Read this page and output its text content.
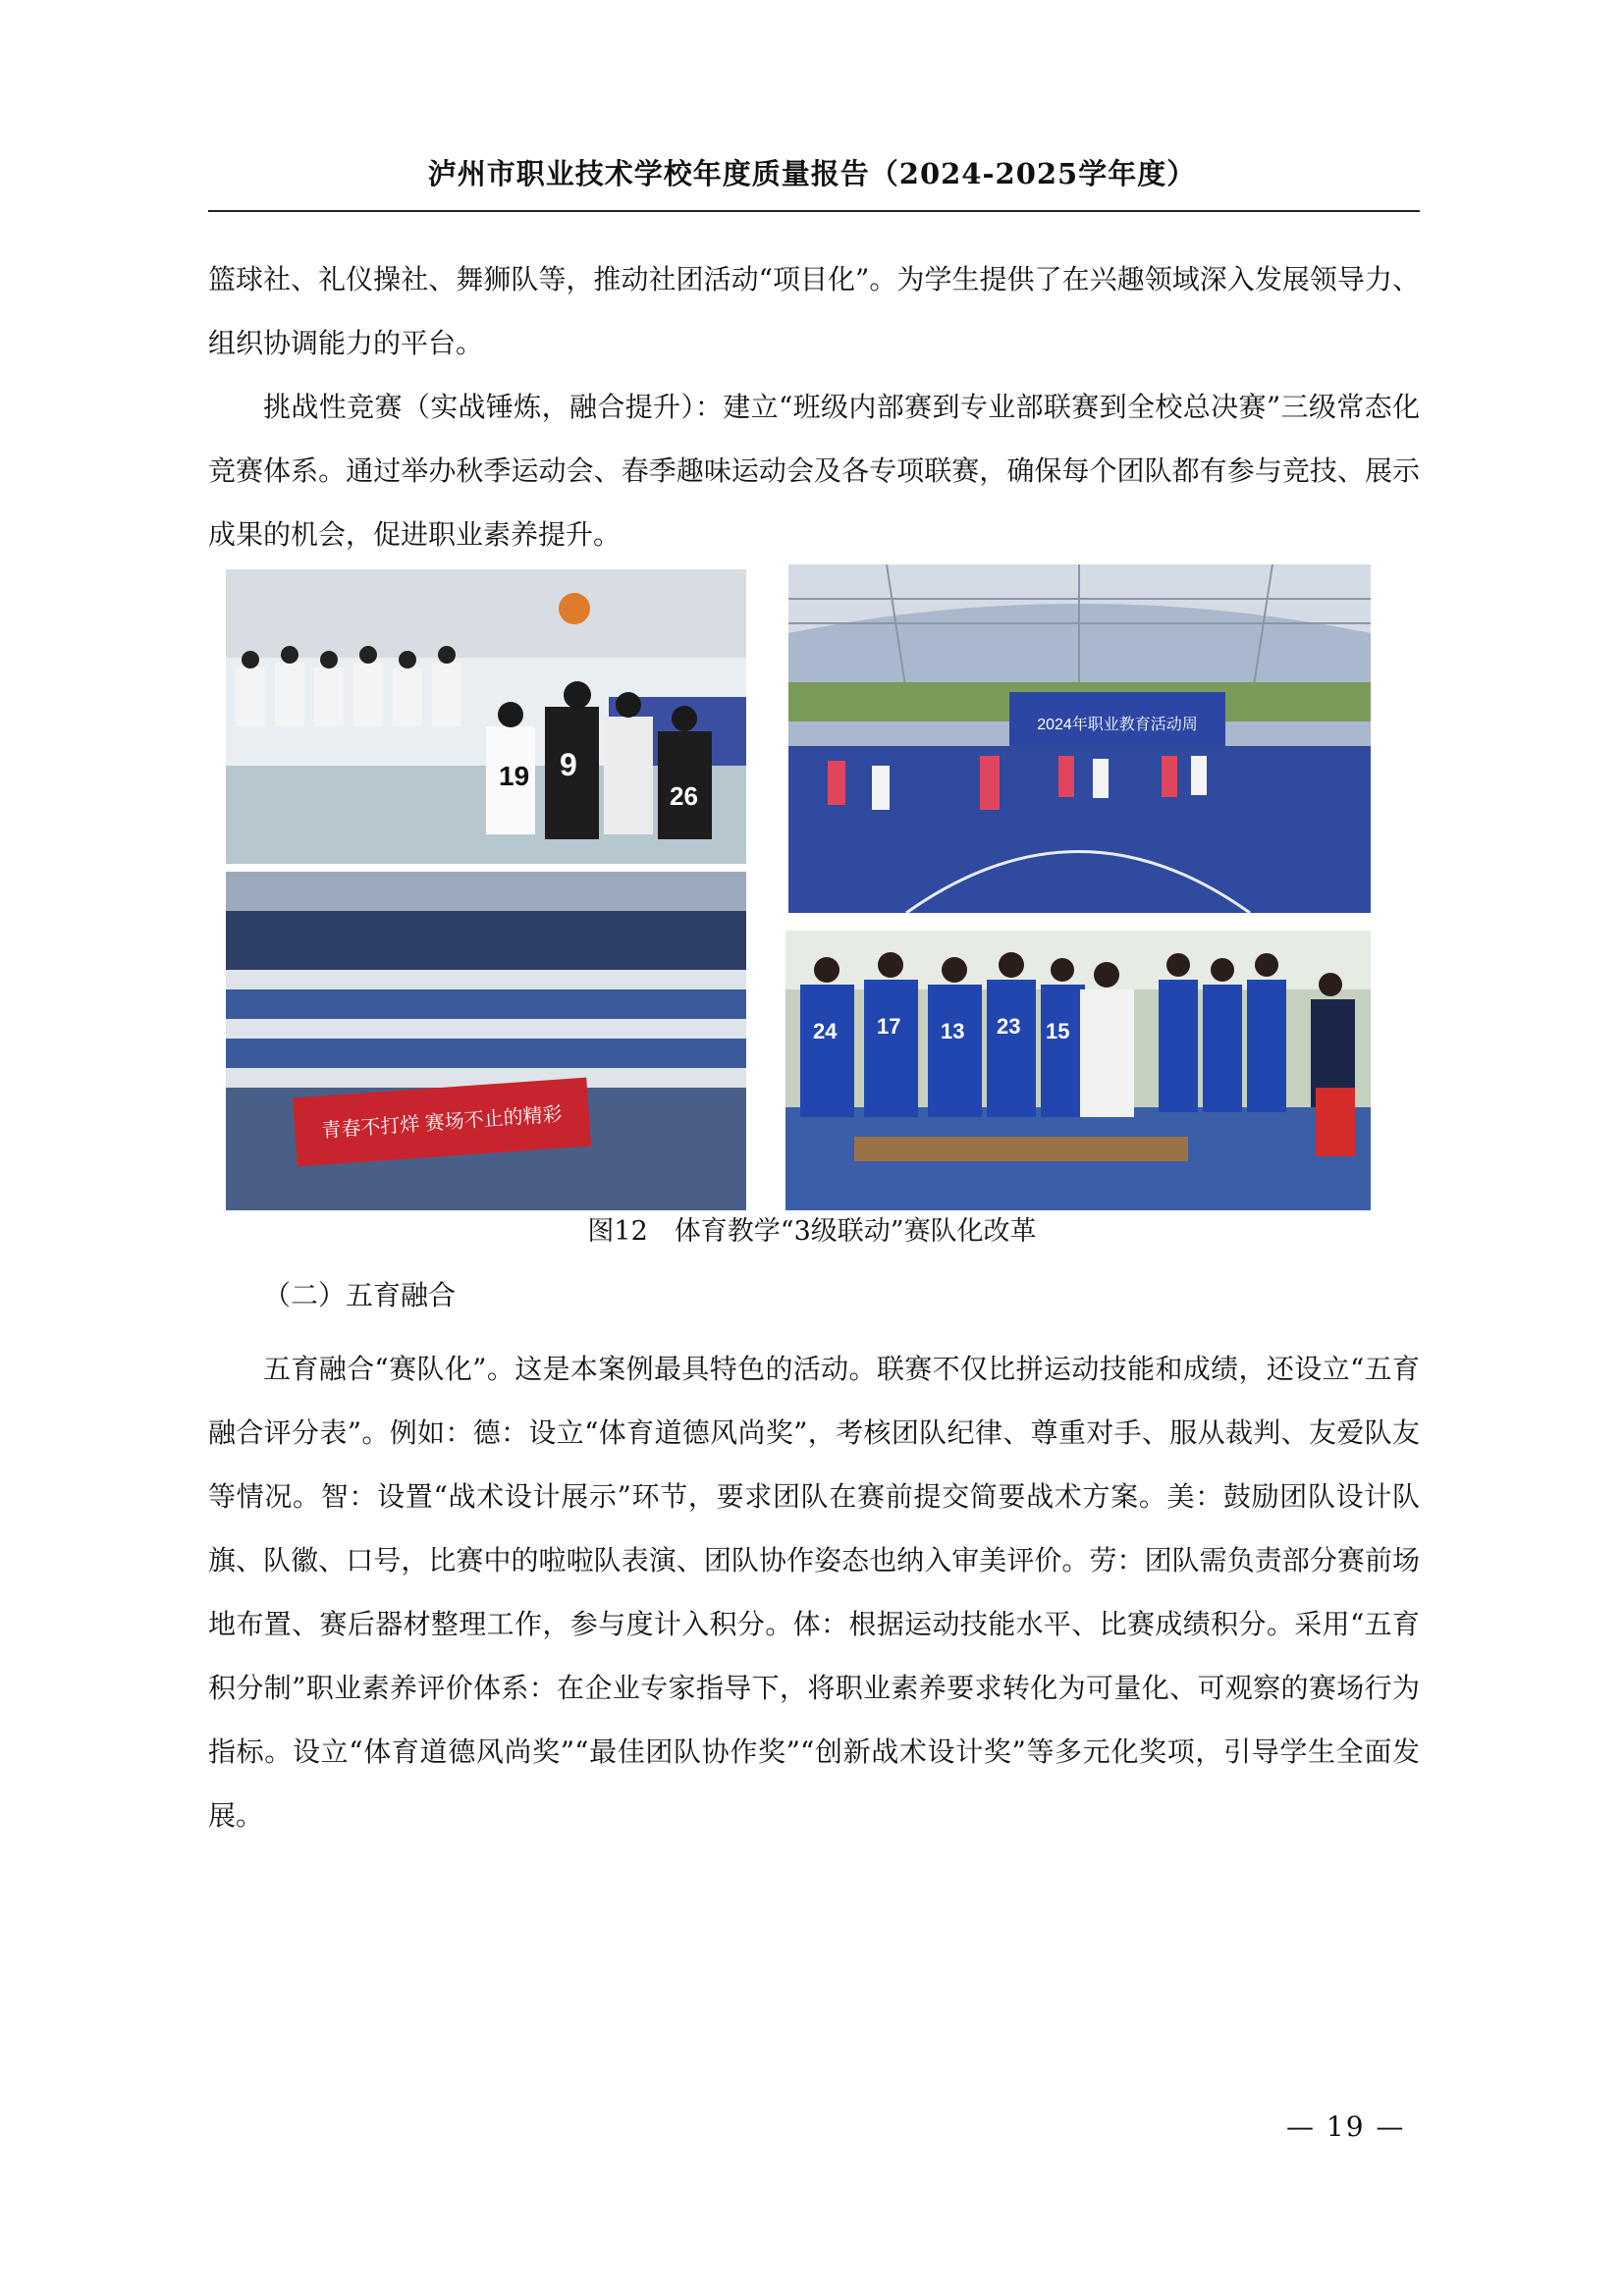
泸州市职业技术学校年度质量报告（2024-2025学年度）

篮球社、礼仪操社、舞狮队等，推动社团活动“项目化”。为学生提供了在兴趣领域深入发展领导力、组织协调能力的平台。

挑战性竞赛（实战锤炼，融合提升）：建立“班级内部赛到专业部联赛到全校总决赛”三级常态化竞赛体系。通过举办秋季运动会、春季趣味运动会及各专项联赛，确保每个团队都有参与竞技、展示成果的机会，促进职业素养提升。

19 9
26
2024年职业教育活动周
青春不打烊 赛场不止的精彩
24 17 13 23 15
图12　体育教学“3级联动”赛队化改革
（二）五育融合

五育融合“赛队化”。这是本案例最具特色的活动。联赛不仅比拼运动技能和成绩，还设立“五育融合评分表”。例如：德：设立“体育道德风尚奖”，考核团队纪律、尊重对手、服从裁判、友爱队友等情况。智：设置“战术设计展示”环节，要求团队在赛前提交简要战术方案。美：鼓励团队设计队旗、队徽、口号，比赛中的啦啦队表演、团队协作姿态也纳入审美评价。劳：团队需负责部分赛前场地布置、赛后器材整理工作，参与度计入积分。体：根据运动技能水平、比赛成绩积分。采用“五育积分制”职业素养评价体系：在企业专家指导下，将职业素养要求转化为可量化、可观察的赛场行为指标。设立“体育道德风尚奖”“最佳团队协作奖”“创新战术设计奖”等多元化奖项，引导学生全面发展。

— 19 —
